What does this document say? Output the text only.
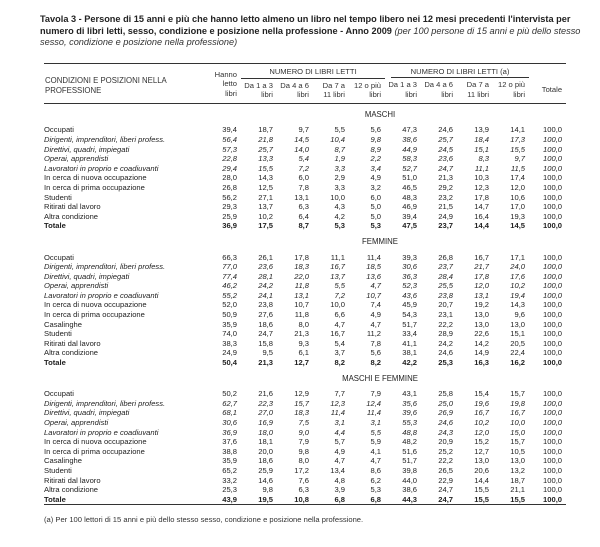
Tavola 3 - Persone di 15 anni e più che hanno letto almeno un libro nel tempo libero nei 12 mesi precedenti l'intervista per numero di libri letti, sesso, condizione e posizione nella professione - Anno 2009 (per 100 persone di 15 anni e più dello stesso sesso, condizione e posizione nella professione)
CONDIZIONI E POSIZIONI NELLA PROFESSIONE	Hanno letto libri	NUMERO DI LIBRI LETTI				NUMERO DI LIBRI LETTI (a)				

		Da 1 a 3 libri	Da 4 a 6 libri	Da 7 a 11 libri	12 o più libri	Da 1 a 3 libri	Da 4 a 6 libri	Da 7 a 11 libri	12 o più libri	Totale
MASCHI										
Occupati	39,4	18,7	9,7	5,5	5,6	47,3	24,6	13,9	14,1	100,0
Dirigenti, imprenditori, liberi profess.	56,4	21,8	14,5	10,4	9,8	38,6	25,7	18,4	17,3	100,0
Direttivi, quadri, impiegati	57,3	25,7	14,0	8,7	8,9	44,9	24,5	15,1	15,5	100,0
Operai, apprendisti	22,8	13,3	5,4	1,9	2,2	58,3	23,6	8,3	9,7	100,0
Lavoratori in proprio e coadiuvanti	29,4	15,5	7,2	3,3	3,4	52,7	24,7	11,1	11,5	100,0
In cerca di nuova occupazione	28,0	14,3	6,0	2,9	4,9	51,0	21,3	10,3	17,4	100,0
In cerca di prima occupazione	26,8	12,5	7,8	3,3	3,2	46,5	29,2	12,3	12,0	100,0
Studenti	56,2	27,1	13,1	10,0	6,0	48,3	23,2	17,8	10,6	100,0
Ritirati dal lavoro	29,3	13,7	6,3	4,3	5,0	46,9	21,5	14,7	17,0	100,0
Altra condizione	25,9	10,2	6,4	4,2	5,0	39,4	24,9	16,4	19,3	100,0
Totale	36,9	17,5	8,7	5,3	5,3	47,5	23,7	14,4	14,5	100,0
FEMMINE										
Occupati	66,3	26,1	17,8	11,1	11,4	39,3	26,8	16,7	17,1	100,0
Dirigenti, imprenditori, liberi profess.	77,0	23,6	18,3	16,7	18,5	30,6	23,7	21,7	24,0	100,0
Direttivi, quadri, impiegati	77,4	28,1	22,0	13,7	13,6	36,3	28,4	17,8	17,6	100,0
Operai, apprendisti	46,2	24,2	11,8	5,5	4,7	52,3	25,5	12,0	10,2	100,0
Lavoratori in proprio e coadiuvanti	55,2	24,1	13,1	7,2	10,7	43,6	23,8	13,1	19,4	100,0
In cerca di nuova occupazione	52,0	23,8	10,7	10,0	7,4	45,9	20,7	19,2	14,3	100,0
In cerca di prima occupazione	50,9	27,6	11,8	6,6	4,9	54,3	23,1	13,0	9,6	100,0
Casalinghe	35,9	18,6	8,0	4,7	4,7	51,7	22,2	13,0	13,0	100,0
Studenti	74,0	24,7	21,3	16,7	11,2	33,4	28,9	22,6	15,1	100,0
Ritirati dal lavoro	38,3	15,8	9,3	5,4	7,8	41,1	24,2	14,2	20,5	100,0
Altra condizione	24,9	9,5	6,1	3,7	5,6	38,1	24,6	14,9	22,4	100,0
Totale	50,4	21,3	12,7	8,2	8,2	42,2	25,3	16,3	16,2	100,0
MASCHI E FEMMINE										
Occupati	50,2	21,6	12,9	7,7	7,9	43,1	25,8	15,4	15,7	100,0
Dirigenti, imprenditori, liberi profess.	62,7	22,3	15,7	12,3	12,4	35,6	25,0	19,6	19,8	100,0
Direttivi, quadri, impiegati	68,1	27,0	18,3	11,4	11,4	39,6	26,9	16,7	16,7	100,0
Operai, apprendisti	30,6	16,9	7,5	3,1	3,1	55,3	24,6	10,2	10,0	100,0
Lavoratori in proprio e coadiuvanti	36,9	18,0	9,0	4,4	5,5	48,8	24,3	12,0	15,0	100,0
In cerca di nuova occupazione	37,6	18,1	7,9	5,7	5,9	48,2	20,9	15,2	15,7	100,0
In cerca di prima occupazione	38,8	20,0	9,8	4,9	4,1	51,6	25,2	12,7	10,5	100,0
Casalinghe	35,9	18,6	8,0	4,7	4,7	51,7	22,2	13,0	13,0	100,0
Studenti	65,2	25,9	17,2	13,4	8,6	39,8	26,5	20,6	13,2	100,0
Ritirati dal lavoro	33,2	14,6	7,6	4,8	6,2	44,0	22,9	14,4	18,7	100,0
Altra condizione	25,3	9,8	6,3	3,9	5,3	38,6	24,7	15,5	21,1	100,0
Totale	43,9	19,5	10,8	6,8	6,8	44,3	24,7	15,5	15,5	100,0
(a) Per 100 lettori di 15 anni e più dello stesso sesso, condizione e posizione nella professione.
